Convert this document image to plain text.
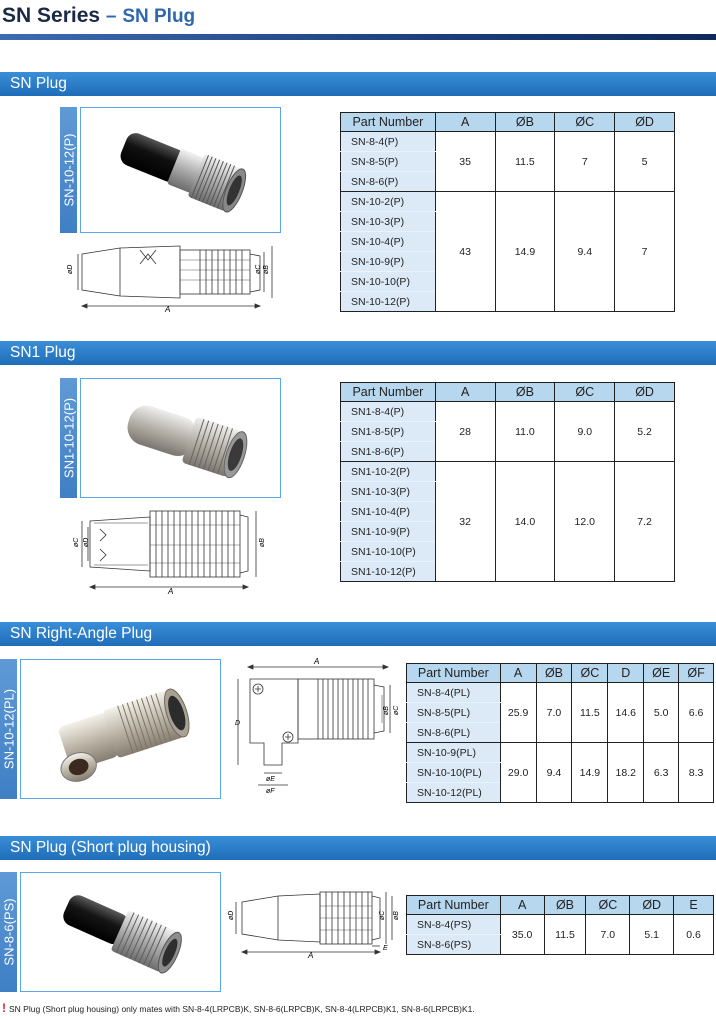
SN Series – SN Plug
SN Plug
SN-10-12(P)
øD	øB
øC
A
Part Number	A	ØB	ØC	ØD
SN-8-4(P)	35	11.5	7	5
SN-8-5(P)				
SN-8-6(P)				
SN-10-2(P)	43	14.9	9.4	7
SN-10-3(P)				
SN-10-4(P)				
SN-10-9(P)				
SN-10-10(P)				
SN-10-12(P)				
SN1 Plug
SN1-10-12(P)
øC øD	øB
A
Part Number	A	ØB	ØC	ØD
SN1-8-4(P)	28	11.0	9.0	5.2
SN1-8-5(P)				
SN1-8-6(P)				
SN1-10-2(P)	32	14.0	12.0	7.2
SN1-10-3(P)				
SN1-10-4(P)				
SN1-10-9(P)				
SN1-10-10(P)				
SN1-10-12(P)				
SN Right-Angle Plug
SN-10-12(PL)	D
A
øE
øF
øB øC
Part Number	A	ØB	ØC	D	ØE	ØF
SN-8-4(PL)	25.9	7.0	11.5	14.6	5.0	6.6
SN-8-5(PL)						
SN-8-6(PL)						
SN-10-9(PL)	29.0	9.4	14.9	18.2	6.3	8.3
SN-10-10(PL)						
SN-10-12(PL)						
SN Plug (Short plug housing)
SN-8-6(PS)	øD	øC øB
E
A
Part Number	A	ØB	ØC	ØD	E
SN-8-4(PS)	35.0	11.5	7.0	5.1	0.6
SN-8-6(PS)					
! SN Plug (Short plug housing) only mates with SN-8-4(LRPCB)K, SN-8-6(LRPCB)K, SN-8-4(LRPCB)K1, SN-8-6(LRPCB)K1.
